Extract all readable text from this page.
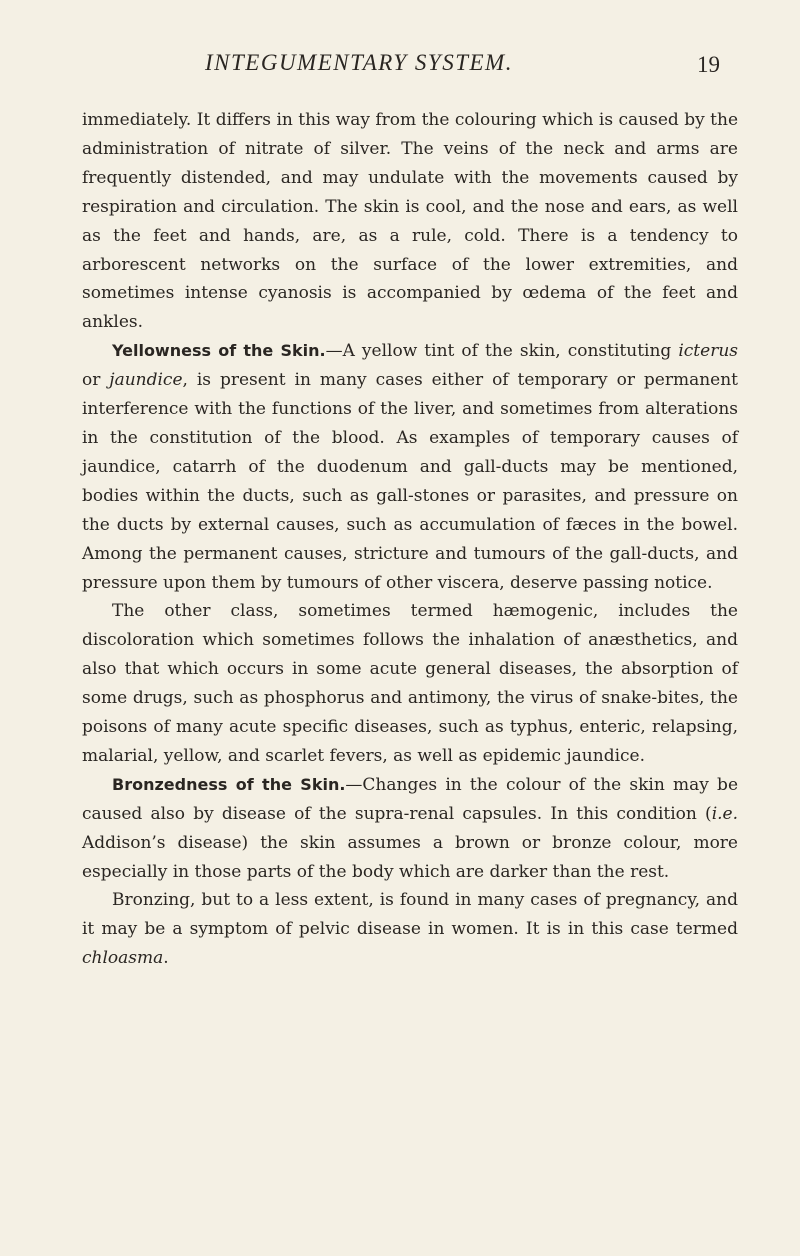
INTEGUMENTARY SYSTEM.	19

immediately. It differs in this way from the colouring which is caused by the administration of nitrate of silver. The veins of the neck and arms are frequently distended, and may undulate with the movements caused by respiration and circulation. The skin is cool, and the nose and ears, as well as the feet and hands, are, as a rule, cold. There is a tendency to arborescent networks on the surface of the lower extremities, and sometimes intense cyanosis is accompanied by œdema of the feet and ankles.

Yellowness of the Skin.—A yellow tint of the skin, constituting icterus or jaundice, is present in many cases either of temporary or permanent interference with the functions of the liver, and sometimes from alterations in the constitution of the blood. As examples of temporary causes of jaundice, catarrh of the duodenum and gall-ducts may be mentioned, bodies within the ducts, such as gall-stones or parasites, and pressure on the ducts by external causes, such as accumulation of fæces in the bowel. Among the permanent causes, stricture and tumours of the gall-ducts, and pressure upon them by tumours of other viscera, deserve passing notice.

The other class, sometimes termed hæmogenic, includes the discoloration which sometimes follows the inhalation of anæsthetics, and also that which occurs in some acute general diseases, the absorption of some drugs, such as phosphorus and antimony, the virus of snake-bites, the poisons of many acute specific diseases, such as typhus, enteric, relapsing, malarial, yellow, and scarlet fevers, as well as epidemic jaundice.

Bronzedness of the Skin.—Changes in the colour of the skin may be caused also by disease of the supra-renal capsules. In this condition (i.e. Addison’s disease) the skin assumes a brown or bronze colour, more especially in those parts of the body which are darker than the rest.

Bronzing, but to a less extent, is found in many cases of pregnancy, and it may be a symptom of pelvic disease in women. It is in this case termed chloasma.
